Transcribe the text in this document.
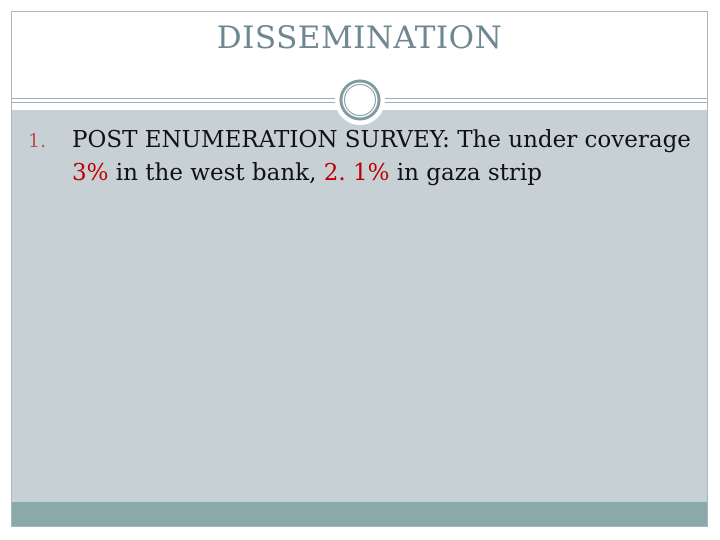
DISSEMINATION
1. POST ENUMERATION SURVEY: The under coverage 3% in the west bank, 2. 1% in gaza strip
